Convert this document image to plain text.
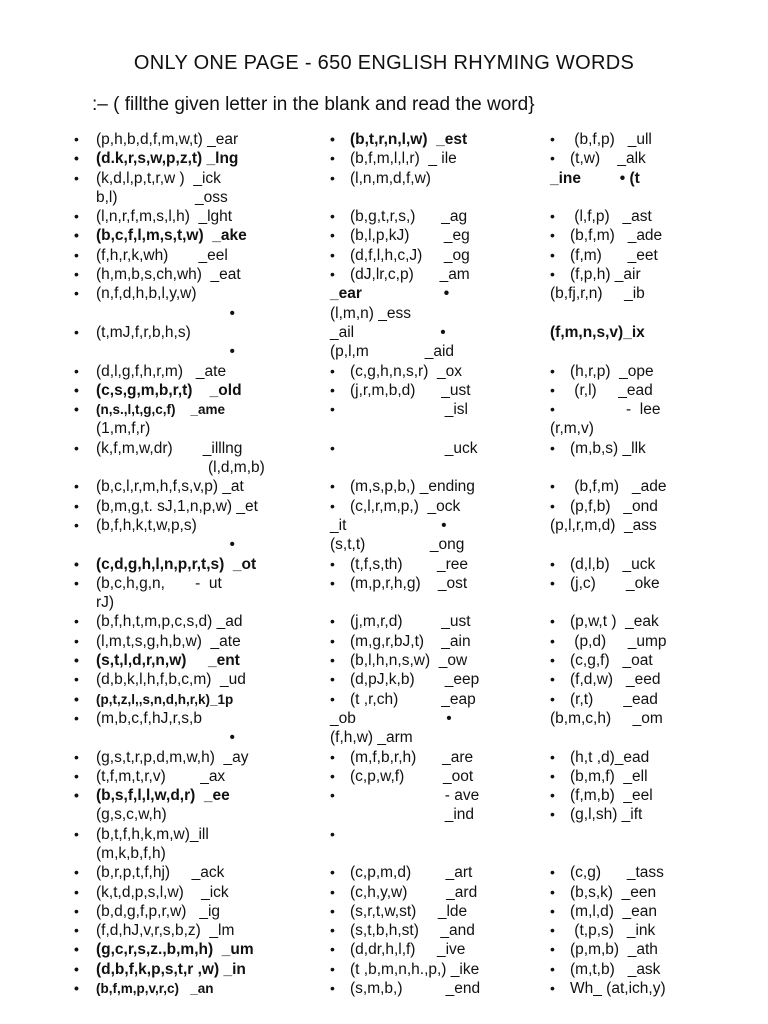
ONLY ONE PAGE - 650 ENGLISH RHYMING WORDS
:– ( fillthe given letter in the blank and read the word}
• (p,h,b,d,f,m,w,t) _ear
• (d.k,r,s,w,p,z,t) _lng
• (k,d,l,p,t,r,w )  _ick
b,l)                  _oss
• (l,n,r,f,m,s,l,h)  _lght
• (b,c,f,l,m,s,t,w)  _ake
• (f,h,r,k,wh)       _eel
• (h,m,b,s,ch,wh)  _eat
• (n,f,d,h,b,l,y,w)
•
• (t,mJ,f,r,b,h,s)
•
• (d,l,g,f,h,r,m)   _ate
• (c,s,g,m,b,r,t)    _old
• (n,s.,l,t,g,c,f)    _ame
(1,m,f,r)
• (k,f,m,w,dr)       _illlng
(l,d,m,b)
• (b,c,l,r,m,h,f,s,v,p) _at
• (b,m,g,t. sJ,1,n,p,w) _et
• (b,f,h,k,t,w,p,s)
•
• (c,d,g,h,l,n,p,r,t,s)  _ot
• (b,c,h,g,n,       -  ut
rJ)
• (b,f,h,t,m,p,c,s,d) _ad
• (l,m,t,s,g,h,b,w)  _ate
• (s,t,l,d,r,n,w)     _ent
• (d,b,k,l,h,f,b,c,m)  _ud
• (p,t,z,l,,s,n,d,h,r,k)_1p
• (m,b,c,f,hJ,r,s,b
•
• (g,s,t,r,p,d,m,w,h)  _ay
• (t,f,m,t,r,v)        _ax
• (b,s,f,l,l,w,d,r)  _ee
(g,s,c,w,h)
• (b,t,f,h,k,m,w)_ill
(m,k,b,f,h)
• (b,r,p,t,f,hj)     _ack
• (k,t,d,p,s,l,w)    _ick
• (b,d,g,f,p,r,w)   _ig
• (f,d,hJ,v,r,s,b,z)  _lm
• (g,c,r,s,z.,b,m,h)  _um
• (d,b,f,k,p,s,t,r ,w) _in
• (b,f,m,p,v,r,c)   _an
• (b,t,r,n,l,w)  _est
• (b,f,m,l,l,r)  _ ile
• (l,n,m,d,f,w)
• (b,g,t,r,s,)      _ag
• (b,l,p,kJ)        _eg
• (d,f,l,h,c,J)     _og
• (dJ,lr,c,p)      _am
_ear                   •
(l,m,n) _ess
_ail                    •
(p,l,m             _aid
• (c,g,h,n,s,r)  _ox
• (j,r,m,b,d)      _ust
• _isl
• _uck
• (m,s,p,b,) _ending
• (c,l,r,m,p,)  _ock
_it                      •
(s,t,t)               _ong
• (t,f,s,th)        _ree
• (m,p,r,h,g)    _ost
• (j,m,r,d)         _ust
• (m,g,r,bJ,t)    _ain
• (b,l,h,n,s,w)  _ow
• (d,pJ,k,b)       _eep
• (t ,r,ch)          _eap
_ob                     •
(f,h,w) _arm
• (m,f,b,r,h)      _are
• (c,p,w,f)         _oot
• - ave
_ind
•
• (c,p,m,d)        _art
• (c,h,y,w)         _ard
• (s,r,t,w,st)     _lde
• (s,t,b,h,st)     _and
• (d,dr,h,l,f)     _ive
• (t ,b,m,n,h.,p,) _ike
• (s,m,b,)          _end
• (b,f,p)   _ull
• (t,w)    _alk
_ine         • (t
• (l,f,p)   _ast
• (b,f,m)   _ade
• (f,m)      _eet
• (f,p,h) _air
(b,fj,r,n)     _ib
(f,m,n,s,v)_ix
• (h,r,p)  _ope
• (r,l)     _ead
• -  lee
(r,m,v)
• (m,b,s) _llk
• (b,f,m)   _ade
• (p,f,b)   _ond
(p,l,r,m,d)  _ass
• (d,l,b)   _uck
• (j,c)       _oke
• (p,w,t )  _eak
• (p,d)     _ump
• (c,g,f)   _oat
• (f,d,w)   _eed
• (r,t)       _ead
(b,m,c,h)     _om
• (h,t ,d)_ead
• (b,m,f)  _ell
• (f,m,b)  _eel
• (g,l,sh) _ift
• (c,g)      _tass
• (b,s,k)  _een
• (m,l,d)  _ean
• (t,p,s)   _ink
• (p,m,b)  _ath
• (m,t,b)   _ask
• Wh_ (at,ich,y)
